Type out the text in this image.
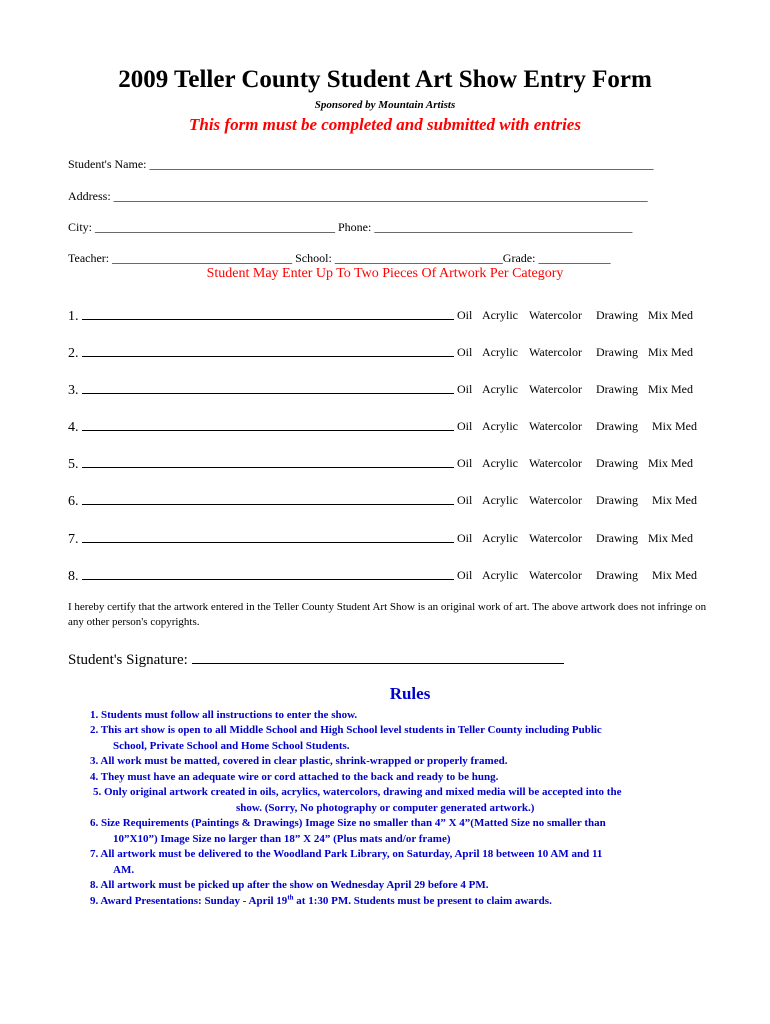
2009 Teller County Student Art Show Entry Form
Sponsored by Mountain Artists
This form must be completed and submitted with entries
Student's Name: ____________________________________________________________________________________
Address: _________________________________________________________________________________________
City: ________________________________________ Phone: ___________________________________________
Teacher: ______________________________ School: ____________________________Grade: ____________
Student May Enter Up To Two Pieces Of Artwork Per Category
1.	Oil Acrylic Watercolor Drawing Mix Med
2.	Oil Acrylic Watercolor Drawing Mix Med
3.	Oil Acrylic Watercolor Drawing Mix Med
4.	Oil Acrylic Watercolor Drawing Mix Med
5.	Oil Acrylic Watercolor Drawing Mix Med
6.	Oil Acrylic Watercolor Drawing Mix Med
7.	Oil Acrylic Watercolor Drawing Mix Med
8.	Oil Acrylic Watercolor Drawing Mix Med
I hereby certify that the artwork entered in the Teller County Student Art Show is an original work of art. The above artwork does not infringe on any other person's copyrights.
Student's Signature:
Rules
1. Students must follow all instructions to enter the show.
2. This art show is open to all Middle School and High School level students in Teller County including Public
School, Private School and Home School Students.
3. All work must be matted, covered in clear plastic, shrink-wrapped or properly framed.
4. They must have an adequate wire or cord attached to the back and ready to be hung.
5. Only original artwork created in oils, acrylics, watercolors, drawing and mixed media will be accepted into the
show. (Sorry, No photography or computer generated artwork.)
6. Size Requirements (Paintings & Drawings) Image Size no smaller than 4” X 4”(Matted Size no smaller than
10”X10”) Image Size no larger than 18” X 24” (Plus mats and/or frame)
7. All artwork must be delivered to the Woodland Park Library, on Saturday, April 18 between 10 AM and 11
AM.
8. All artwork must be picked up after the show on Wednesday April 29 before 4 PM.
9. Award Presentations: Sunday - April 19th at 1:30 PM. Students must be present to claim awards.
